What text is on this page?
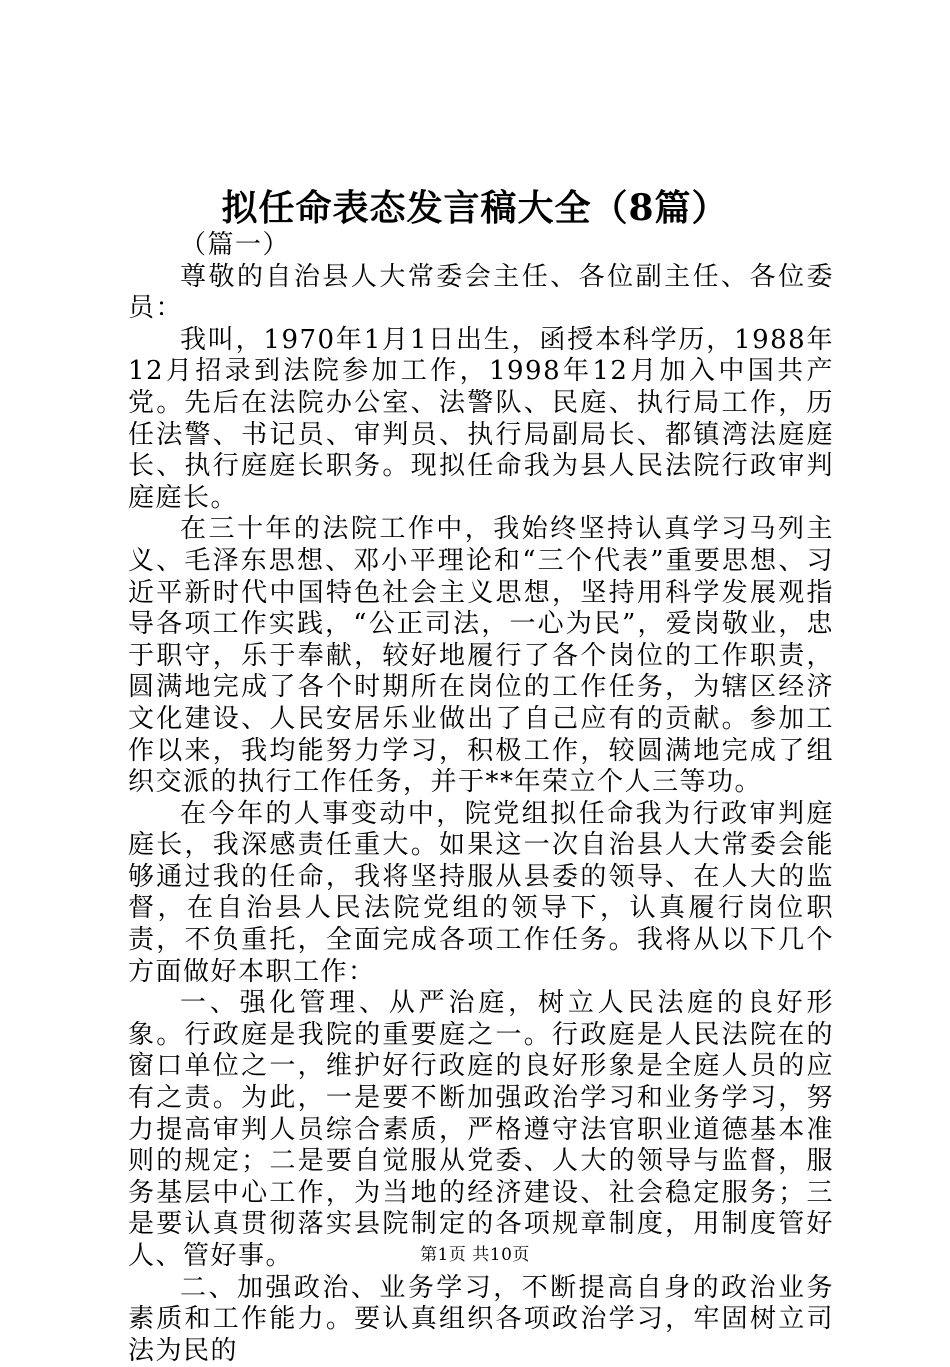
拟任命表态发言稿大全（8篇）

（篇一）

尊敬的自治县人大常委会主任、各位副主任、各位委员：

我叫，1970年1月1日出生，函授本科学历，1988年12月招录到法院参加工作，1998年12月加入中国共产党。先后在法院办公室、法警队、民庭、执行局工作，历任法警、书记员、审判员、执行局副局长、都镇湾法庭庭长、执行庭庭长职务。现拟任命我为县人民法院行政审判庭庭长。

在三十年的法院工作中，我始终坚持认真学习马列主义、毛泽东思想、邓小平理论和“三个代表”重要思想、习近平新时代中国特色社会主义思想，坚持用科学发展观指导各项工作实践，“公正司法，一心为民”，爱岗敬业，忠于职守，乐于奉献，较好地履行了各个岗位的工作职责，圆满地完成了各个时期所在岗位的工作任务，为辖区经济文化建设、人民安居乐业做出了自己应有的贡献。参加工作以来，我均能努力学习，积极工作，较圆满地完成了组织交派的执行工作任务，并于**年荣立个人三等功。

在今年的人事变动中，院党组拟任命我为行政审判庭庭长，我深感责任重大。如果这一次自治县人大常委会能够通过我的任命，我将坚持服从县委的领导、在人大的监督，在自治县人民法院党组的领导下，认真履行岗位职责，不负重托，全面完成各项工作任务。我将从以下几个方面做好本职工作：

一、强化管理、从严治庭，树立人民法庭的良好形象。行政庭是我院的重要庭之一。行政庭是人民法院在的窗口单位之一，维护好行政庭的良好形象是全庭人员的应有之责。为此，一是要不断加强政治学习和业务学习，努力提高审判人员综合素质，严格遵守法官职业道德基本准则的规定；二是要自觉服从党委、人大的领导与监督，服务基层中心工作，为当地的经济建设、社会稳定服务；三是要认真贯彻落实县院制定的各项规章制度，用制度管好人、管好事。

二、加强政治、业务学习，不断提高自身的政治业务素质和工作能力。要认真组织各项政治学习，牢固树立司法为民的

第1页 共10页
